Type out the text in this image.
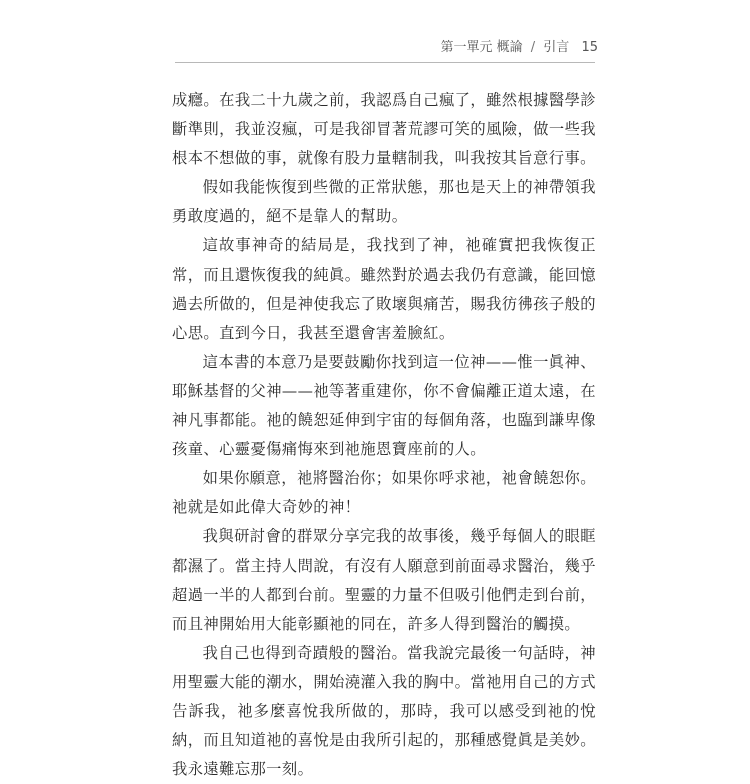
第一單元 概論 / 引言 15

成癮。在我二十九歲之前，我認爲自己瘋了，雖然根據醫學診斷準則，我並沒瘋，可是我卻冒著荒謬可笑的風險，做一些我根本不想做的事，就像有股力量轄制我，叫我按其旨意行事。

假如我能恢復到些微的正常狀態，那也是天上的神帶領我勇敢度過的，絕不是靠人的幫助。

這故事神奇的結局是，我找到了神，祂確實把我恢復正常，而且還恢復我的純眞。雖然對於過去我仍有意識，能回憶過去所做的，但是神使我忘了敗壞與痛苦，賜我彷彿孩子般的心思。直到今日，我甚至還會害羞臉紅。

這本書的本意乃是要鼓勵你找到這一位神——惟一眞神、耶穌基督的父神——祂等著重建你，你不會偏離正道太遠，在神凡事都能。祂的饒恕延伸到宇宙的每個角落，也臨到謙卑像孩童、心靈憂傷痛悔來到祂施恩寶座前的人。

如果你願意，祂將醫治你；如果你呼求祂，祂會饒恕你。祂就是如此偉大奇妙的神！

我與研討會的群眾分享完我的故事後，幾乎每個人的眼眶都濕了。當主持人問說，有沒有人願意到前面尋求醫治，幾乎超過一半的人都到台前。聖靈的力量不但吸引他們走到台前，而且神開始用大能彰顯祂的同在，許多人得到醫治的觸摸。

我自己也得到奇蹟般的醫治。當我說完最後一句話時，神用聖靈大能的潮水，開始澆灌入我的胸中。當祂用自己的方式告訴我，祂多麼喜悅我所做的，那時，我可以感受到祂的悅納，而且知道祂的喜悅是由我所引起的，那種感覺眞是美妙。我永遠難忘那一刻。
